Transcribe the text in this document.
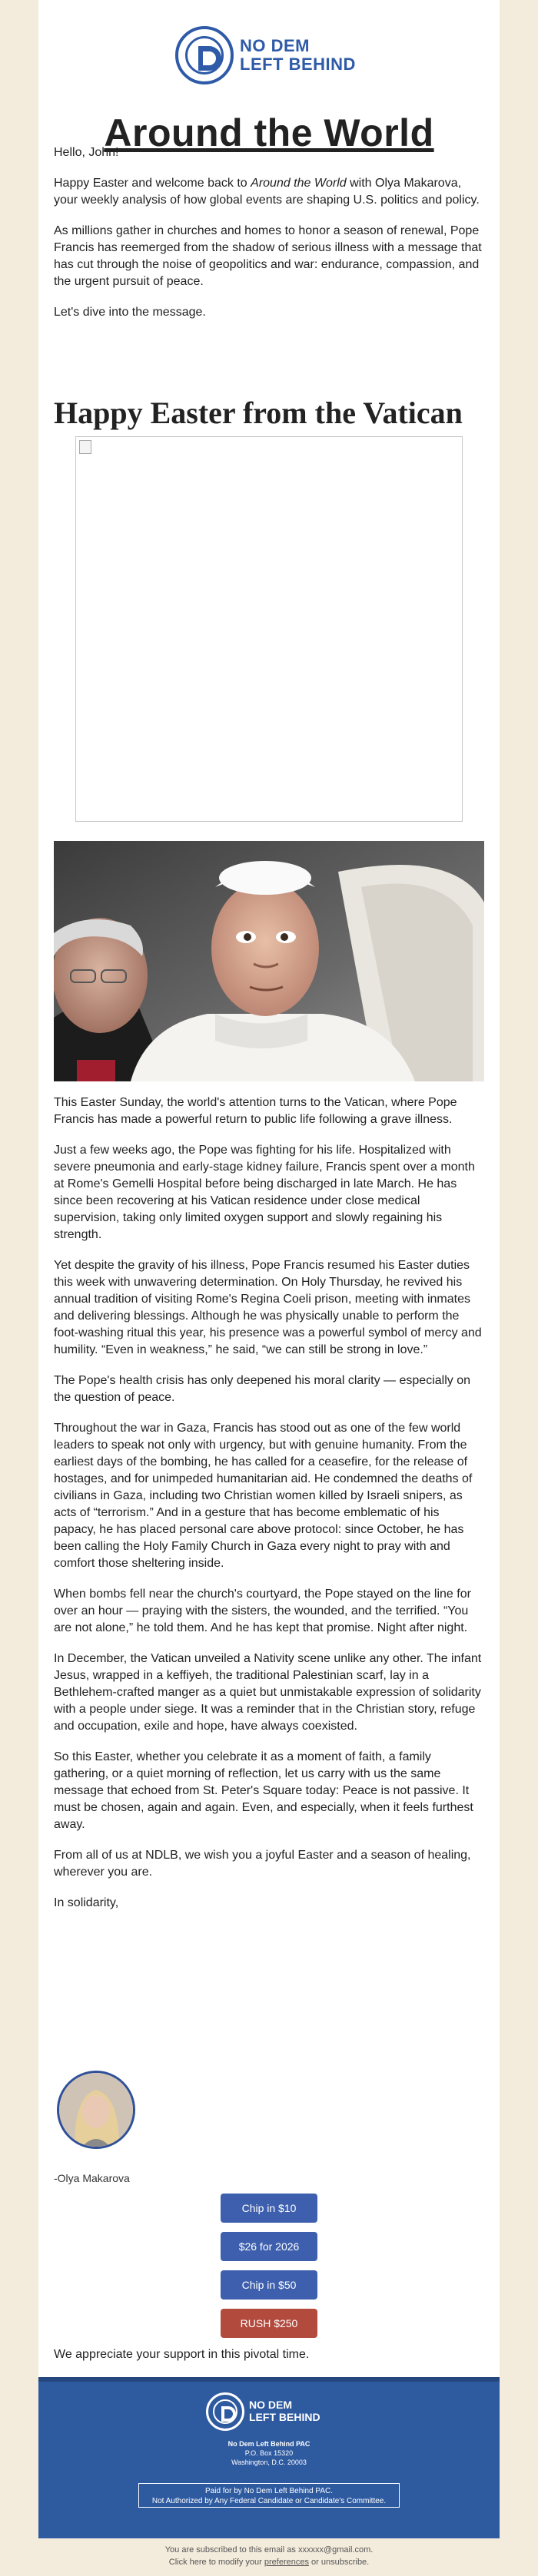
NO DEM
LEFT BEHIND
Around the World

Hello, John!

Happy Easter and welcome back to Around the World with Olya Makarova, your weekly analysis of how global events are shaping U.S. politics and policy.

As millions gather in churches and homes to honor a season of renewal, Pope Francis has reemerged from the shadow of serious illness with a message that has cut through the noise of geopolitics and war: endurance, compassion, and the urgent pursuit of peace.

Let's dive into the message.

Happy Easter from the Vatican

This Easter Sunday, the world's attention turns to the Vatican, where Pope Francis has made a powerful return to public life following a grave illness.

Just a few weeks ago, the Pope was fighting for his life. Hospitalized with severe pneumonia and early-stage kidney failure, Francis spent over a month at Rome's Gemelli Hospital before being discharged in late March. He has since been recovering at his Vatican residence under close medical supervision, taking only limited oxygen support and slowly regaining his strength.

Yet despite the gravity of his illness, Pope Francis resumed his Easter duties this week with unwavering determination. On Holy Thursday, he revived his annual tradition of visiting Rome's Regina Coeli prison, meeting with inmates and delivering blessings. Although he was physically unable to perform the foot-washing ritual this year, his presence was a powerful symbol of mercy and humility. “Even in weakness,” he said, “we can still be strong in love.”

The Pope's health crisis has only deepened his moral clarity — especially on the question of peace.

Throughout the war in Gaza, Francis has stood out as one of the few world leaders to speak not only with urgency, but with genuine humanity. From the earliest days of the bombing, he has called for a ceasefire, for the release of hostages, and for unimpeded humanitarian aid. He condemned the deaths of civilians in Gaza, including two Christian women killed by Israeli snipers, as acts of “terrorism.” And in a gesture that has become emblematic of his papacy, he has placed personal care above protocol: since October, he has been calling the Holy Family Church in Gaza every night to pray with and comfort those sheltering inside.

When bombs fell near the church's courtyard, the Pope stayed on the line for over an hour — praying with the sisters, the wounded, and the terrified. “You are not alone,” he told them. And he has kept that promise. Night after night.

In December, the Vatican unveiled a Nativity scene unlike any other. The infant Jesus, wrapped in a keffiyeh, the traditional Palestinian scarf, lay in a Bethlehem-crafted manger as a quiet but unmistakable expression of solidarity with a people under siege. It was a reminder that in the Christian story, refuge and occupation, exile and hope, have always coexisted.

So this Easter, whether you celebrate it as a moment of faith, a family gathering, or a quiet morning of reflection, let us carry with us the same message that echoed from St. Peter's Square today: Peace is not passive. It must be chosen, again and again. Even, and especially, when it feels furthest away.

From all of us at NDLB, we wish you a joyful Easter and a season of healing, wherever you are.

In solidarity,

-Olya Makarova
Chip in $10
$26 for 2026
Chip in $50
RUSH $250
We appreciate your support in this pivotal time.
NO DEM
LEFT BEHIND
No Dem Left Behind PAC
P.O. Box 15320
Washington, D.C. 20003
Paid for by No Dem Left Behind PAC.
Not Authorized by Any Federal Candidate or Candidate's Committee.
You are subscribed to this email as xxxxxx@gmail.com.
Click here to modify your preferences or unsubscribe.
